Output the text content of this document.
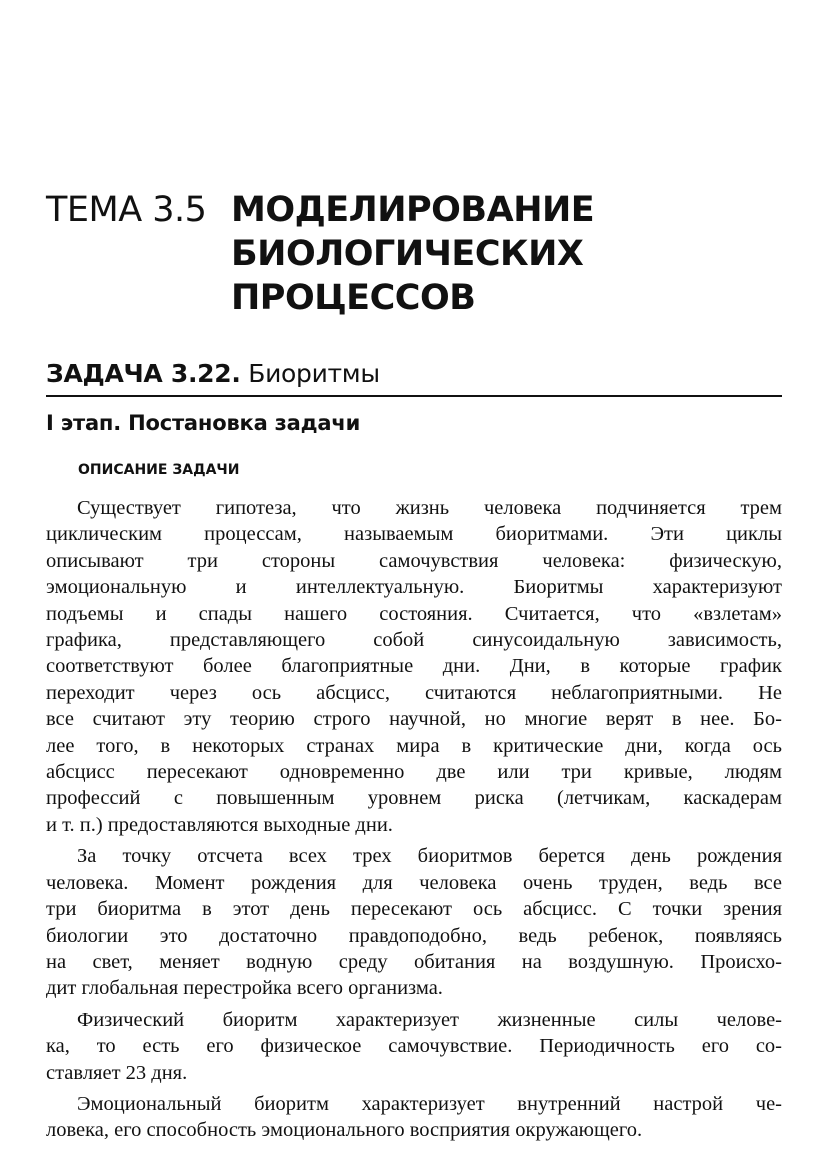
ТЕМА 3.5 МОДЕЛИРОВАНИЕ
БИОЛОГИЧЕСКИХ
ПРОЦЕССОВ
ЗАДАЧА 3.22. Биоритмы
I этап. Постановка задачи
ОПИСАНИЕ ЗАДАЧИ
Существует гипотеза, что жизнь человека подчиняется трем
циклическим процессам, называемым биоритмами. Эти циклы
описывают три стороны самочувствия человека: физическую,
эмоциональную и интеллектуальную. Биоритмы характеризуют
подъемы и спады нашего состояния. Считается, что «взлетам»
графика, представляющего собой синусоидальную зависимость,
соответствуют более благоприятные дни. Дни, в которые график
переходит через ось абсцисс, считаются неблагоприятными. Не
все считают эту теорию строго научной, но многие верят в нее. Бо-
лее того, в некоторых странах мира в критические дни, когда ось
абсцисс пересекают одновременно две или три кривые, людям
профессий с повышенным уровнем риска (летчикам, каскадерам
и т. п.) предоставляются выходные дни.
За точку отсчета всех трех биоритмов берется день рождения
человека. Момент рождения для человека очень труден, ведь все
три биоритма в этот день пересекают ось абсцисс. С точки зрения
биологии это достаточно правдоподобно, ведь ребенок, появляясь
на свет, меняет водную среду обитания на воздушную. Происхо-
дит глобальная перестройка всего организма.
Физический биоритм характеризует жизненные силы челове-
ка, то есть его физическое самочувствие. Периодичность его со-
ставляет 23 дня.
Эмоциональный биоритм характеризует внутренний настрой че-
ловека, его способность эмоционального восприятия окружающего.
